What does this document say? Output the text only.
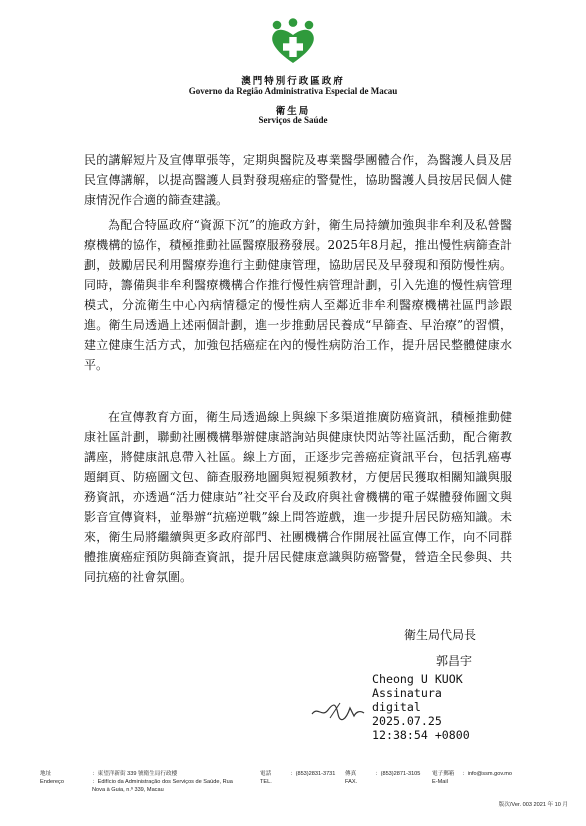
澳門特別行政區政府
Governo da Região Administrativa Especial de Macau
衛生局
Serviços de Saúde

民的講解短片及宣傳單張等，定期與醫院及專業醫學團體合作，為醫護人員及居民宣傳講解，以提高醫護人員對發現癌症的警覺性，協助醫護人員按居民個人健康情況作合適的篩查建議。

為配合特區政府“資源下沉”的施政方針，衛生局持續加強與非牟利及私營醫療機構的協作，積極推動社區醫療服務發展。2025年8月起，推出慢性病篩查計劃，鼓勵居民利用醫療券進行主動健康管理，協助居民及早發現和預防慢性病。同時，籌備與非牟利醫療機構合作推行慢性病管理計劃，引入先進的慢性病管理模式，分流衛生中心內病情穩定的慢性病人至鄰近非牟利醫療機構社區門診跟進。衛生局透過上述兩個計劃，進一步推動居民養成“早篩查、早治療”的習慣，建立健康生活方式，加強包括癌症在內的慢性病防治工作，提升居民整體健康水平。

在宣傳教育方面，衛生局透過線上與線下多渠道推廣防癌資訊，積極推動健康社區計劃，聯動社團機構舉辦健康諮詢站與健康快閃站等社區活動，配合衛教講座，將健康訊息帶入社區。線上方面，正逐步完善癌症資訊平台，包括乳癌專題網頁、防癌圖文包、篩查服務地圖與短視頻教材，方便居民獲取相關知識與服務資訊，亦透過“活力健康站”社交平台及政府與社會機構的電子媒體發佈圖文與影音宣傳資料，並舉辦“抗癌逆戰”線上問答遊戲，進一步提升居民防癌知識。未來，衛生局將繼續與更多政府部門、社團機構合作開展社區宣傳工作，向不同群體推廣癌症預防與篩查資訊，提升居民健康意識與防癌警覺，營造全民參與、共同抗癌的社會氛圍。

衛生局代局長
郭昌宇
Cheong U KUOK
Assinatura
digital
2025.07.25
12:38:54 +0800
地址
Endereço
：東望洋新街 339 號衛生局行政樓
：Edifício da Administração dos Serviços de Saúde, Rua Nova à Guia, n.º 339, Macau
電話
TEL.
：(853)2831-3731 傳真
FAX.
：(853)2871-3105 電子郵箱
E-Mail
：info@ssm.gov.mo
版次/Ver. 003 2021 年 10 月
